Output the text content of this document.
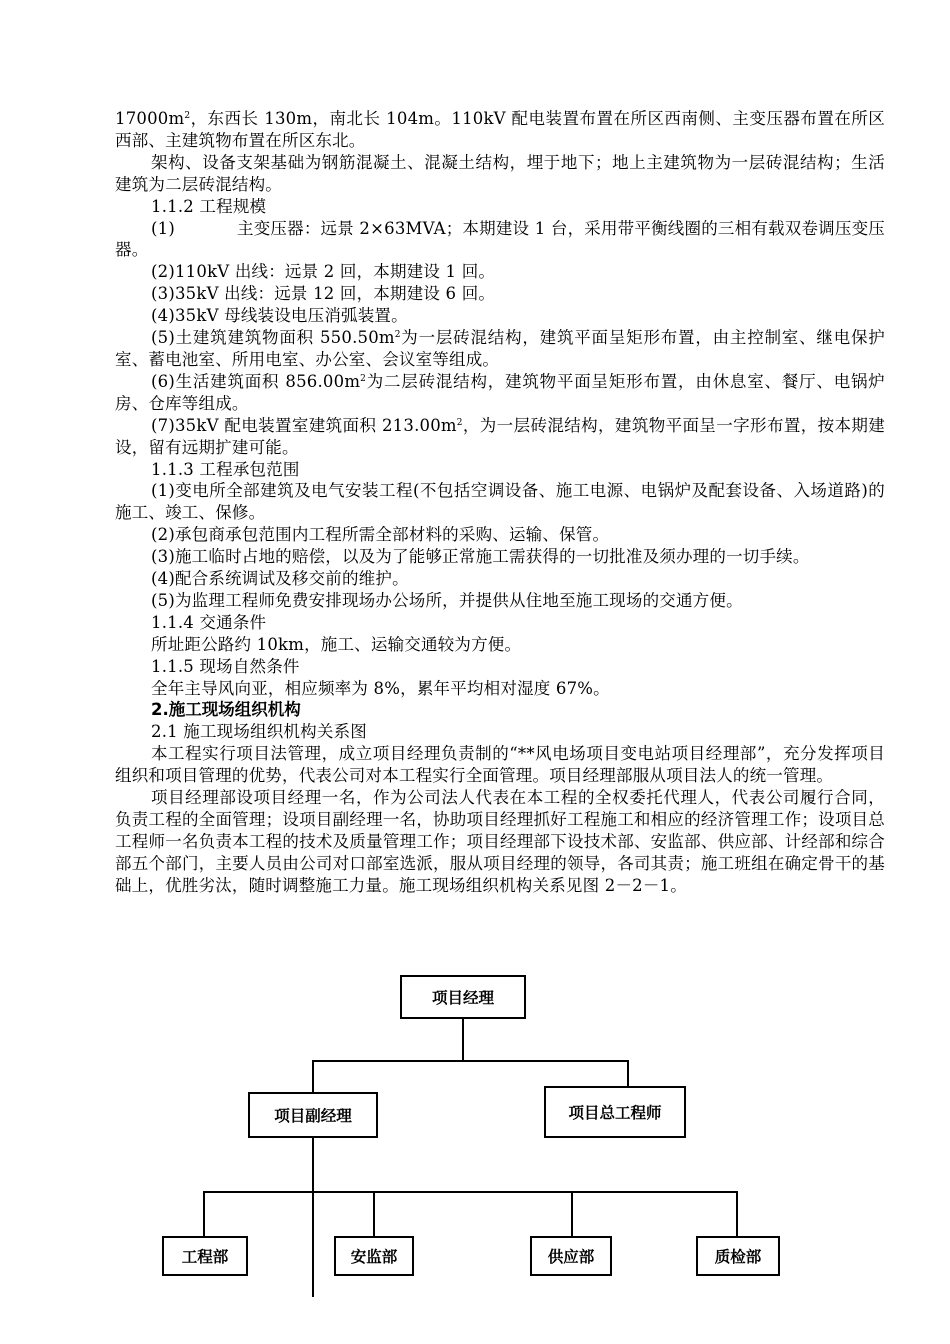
$17000m^2$，东西长 130m，南北长 104m。110kV 配电装置布置在所区西南侧、主变压器布置在所区西部、主建筑物布置在所区东北。

架构、设备支架基础为钢筋混凝土、混凝土结构，埋于地下；地上主建筑物为一层砖混结构；生活建筑为二层砖混结构。

1.1.2 工程规模

(1)	主变压器：远景 2×63MVA；本期建设 1 台，采用带平衡线圈的三相有载双卷调压变压器。

(2)110kV 出线：远景 2 回，本期建设 1 回。

(3)35kV 出线：远景 12 回，本期建设 6 回。

(4)35kV 母线装设电压消弧装置。

(5)土建筑建筑物面积 $550.50m^2$为一层砖混结构，建筑平面呈矩形布置，由主控制室、继电保护室、蓄电池室、所用电室、办公室、会议室等组成。

(6)生活建筑面积 $856.00m^2$为二层砖混结构，建筑物平面呈矩形布置，由休息室、餐厅、电锅炉房、仓库等组成。

(7)35kV 配电装置室建筑面积 $213.00m^2$，为一层砖混结构，建筑物平面呈一字形布置，按本期建设，留有远期扩建可能。

1.1.3 工程承包范围

(1)变电所全部建筑及电气安装工程(不包括空调设备、施工电源、电锅炉及配套设备、入场道路)的施工、竣工、保修。

(2)承包商承包范围内工程所需全部材料的采购、运输、保管。

(3)施工临时占地的赔偿，以及为了能够正常施工需获得的一切批准及须办理的一切手续。

(4)配合系统调试及移交前的维护。

(5)为监理工程师免费安排现场办公场所，并提供从住地至施工现场的交通方便。

1.1.4 交通条件

所址距公路约 10km，施工、运输交通较为方便。

1.1.5 现场自然条件

全年主导风向亚，相应频率为 8%，累年平均相对湿度 67%。

2.施工现场组织机构

2.1 施工现场组织机构关系图

本工程实行项目法管理，成立项目经理负责制的“**风电场项目变电站项目经理部”，充分发挥项目组织和项目管理的优势，代表公司对本工程实行全面管理。项目经理部服从项目法人的统一管理。

项目经理部设项目经理一名，作为公司法人代表在本工程的全权委托代理人，代表公司履行合同，负责工程的全面管理；设项目副经理一名，协助项目经理抓好工程施工和相应的经济管理工作；设项目总工程师一名负责本工程的技术及质量管理工作；项目经理部下设技术部、安监部、供应部、计经部和综合部五个部门，主要人员由公司对口部室选派，服从项目经理的领导，各司其责；施工班组在确定骨干的基础上，优胜劣汰，随时调整施工力量。施工现场组织机构关系见图 2－2－1。

项目经理
项目副经理	项目总工程师
工程部	安监部	供应部	质检部
